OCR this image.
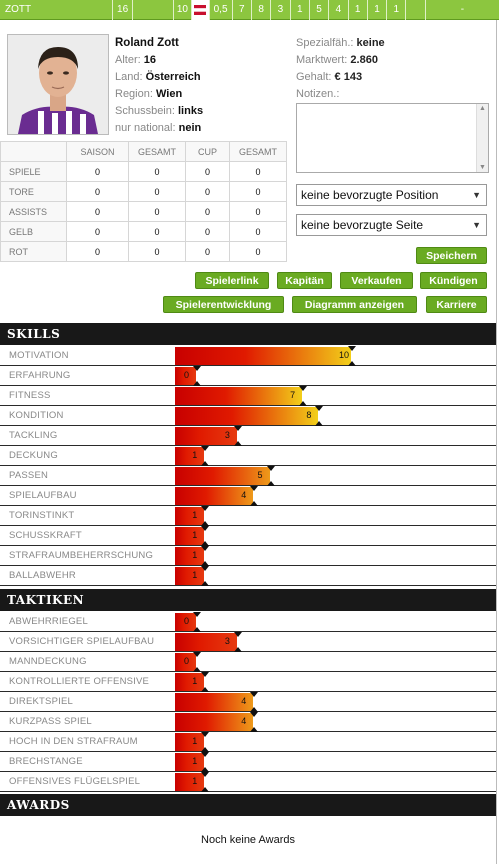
ZOTT	16	10	0,5	7	8	3	1	5	4	1	1	1	-
Roland Zott
Alter: 16
Land: Österreich
Region: Wien
Schussbein: links
nur national: nein
Spezialfäh.: keine
Marktwert: 2.860
Gehalt: € 143
Notizen.:
▲
▼
	SAISON	GESAMT	CUP	GESAMT
SPIELE	0	0	0	0
TORE	0	0	0	0
ASSISTS	0	0	0	0
GELB	0	0	0	0
ROT	0	0	0	0
keine bevorzugte Position	▼
keine bevorzugte Seite	▼
Speichern
Spielerlink	Kapitän	Verkaufen	Kündigen
Spielerentwicklung	Diagramm anzeigen	Karriere
SKILLS
MOTIVATION	10
ERFAHRUNG	0
FITNESS	7
KONDITION	8
TACKLING	3
DECKUNG	1
PASSEN	5
SPIELAUFBAU	4
TORINSTINKT	1
SCHUSSKRAFT	1
STRAFRAUMBEHERRSCHUNG	1
BALLABWEHR	1
TAKTIKEN
ABWEHRRIEGEL	0
VORSICHTIGER SPIELAUFBAU	3
MANNDECKUNG	0
KONTROLLIERTE OFFENSIVE	1
DIREKTSPIEL	4
KURZPASS SPIEL	4
HOCH IN DEN STRAFRAUM	1
BRECHSTANGE	1
OFFENSIVES FLÜGELSPIEL	1
AWARDS
Noch keine Awards
